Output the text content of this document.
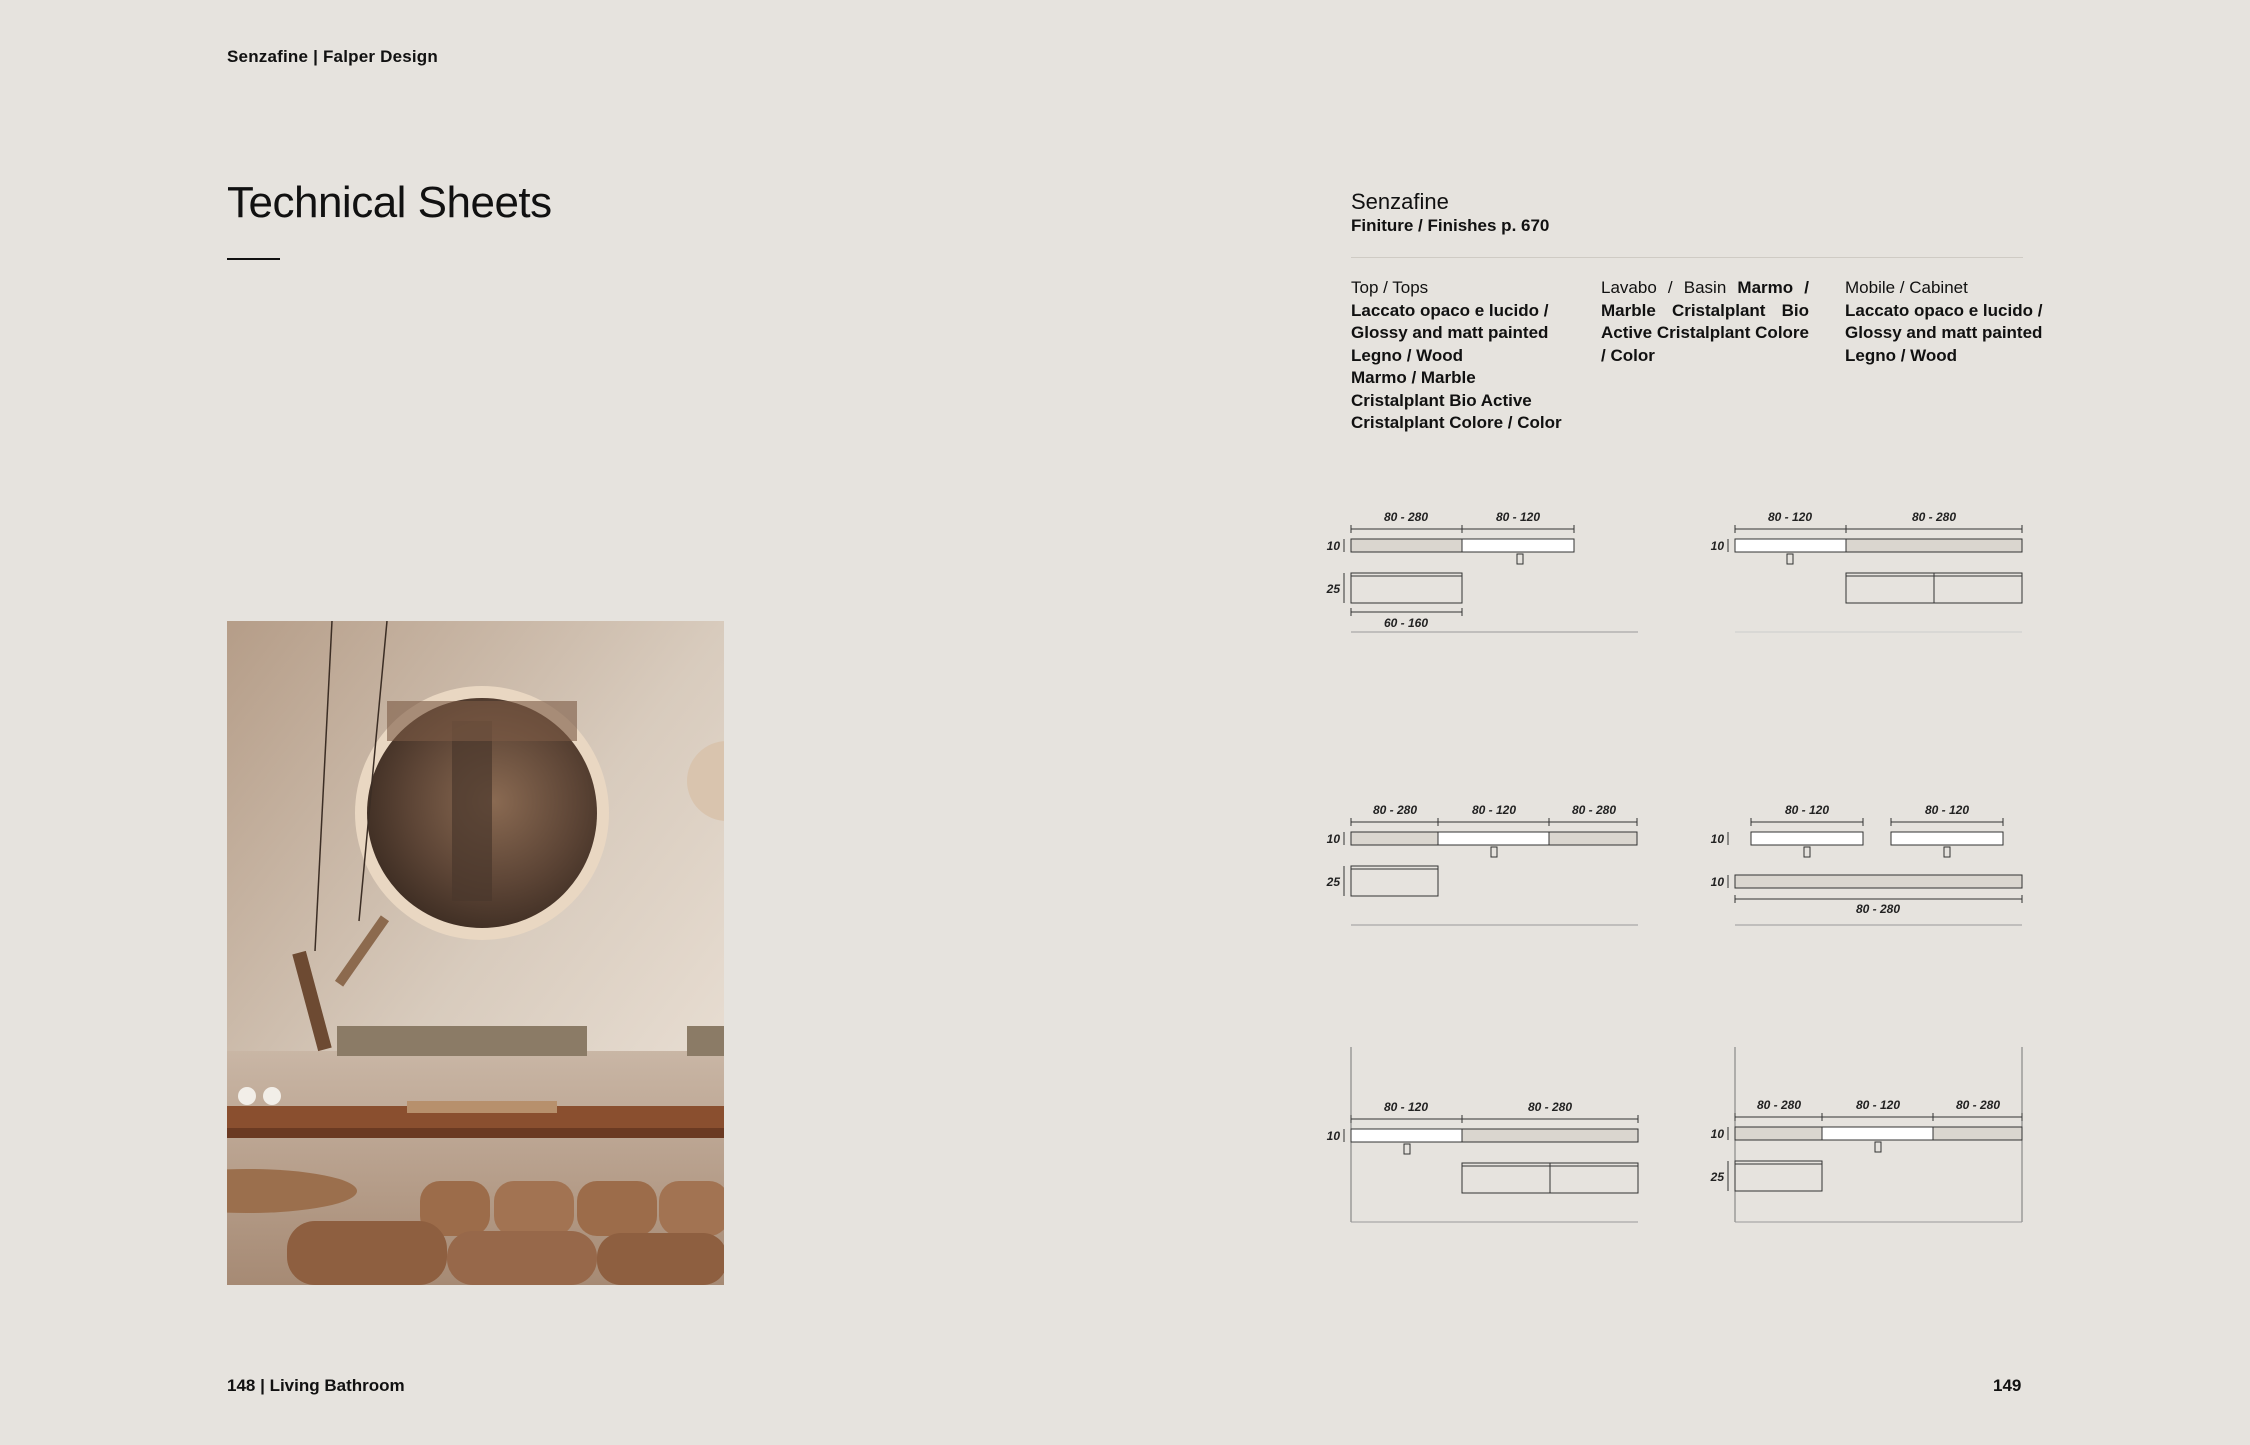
Senzafine | Falper Design
Technical Sheets
148 | Living Bathroom	149
Senzafine
Finiture / Finishes p. 670
Top / Tops
Laccato opaco e lucido / Glossy and matt painted
Legno / Wood
Marmo / Marble
Cristalplant Bio Active
Cristalplant Colore / Color
Lavabo / Basin Marmo / Marble Cristalplant Bio Active Cristalplant Colore / Color
Mobile / Cabinet
Laccato opaco e lucido / Glossy and matt painted
Legno / Wood
80 - 280	80 - 120
10
25
60 - 160
80 - 120	80 - 280
10
80 - 280	80 - 120	80 - 280
10
25
80 - 120	80 - 120
10
10
80 - 280
80 - 120	80 - 280
10
80 - 280	80 - 120	80 - 280
10
25
